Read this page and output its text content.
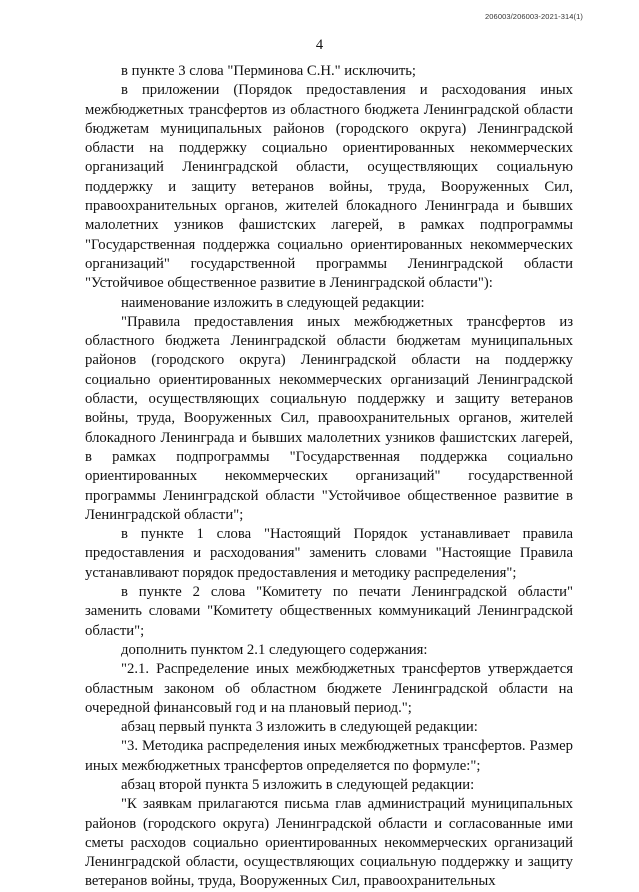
206003/206003-2021-314(1)
4

в пункте 3 слова "Перминова С.Н." исключить;

в приложении (Порядок предоставления и расходования иных межбюджетных трансфертов из областного бюджета Ленинградской области бюджетам муниципальных районов (городского округа) Ленинградской области на поддержку социально ориентированных некоммерческих организаций Ленинградской области, осуществляющих социальную поддержку и защиту ветеранов войны, труда, Вооруженных Сил, правоохранительных органов, жителей блокадного Ленинграда и бывших малолетних узников фашистских лагерей, в рамках подпрограммы "Государственная поддержка социально ориентированных некоммерческих организаций" государственной программы Ленинградской области "Устойчивое общественное развитие в Ленинградской области"):

наименование изложить в следующей редакции:

"Правила предоставления иных межбюджетных трансфертов из областного бюджета Ленинградской области бюджетам муниципальных районов (городского округа) Ленинградской области на поддержку социально ориентированных некоммерческих организаций Ленинградской области, осуществляющих социальную поддержку и защиту ветеранов войны, труда, Вооруженных Сил, правоохранительных органов, жителей блокадного Ленинграда и бывших малолетних узников фашистских лагерей, в рамках подпрограммы "Государственная поддержка социально ориентированных некоммерческих организаций" государственной программы Ленинградской области "Устойчивое общественное развитие в Ленинградской области";

в пункте 1 слова "Настоящий Порядок устанавливает правила предоставления и расходования" заменить словами "Настоящие Правила устанавливают порядок предоставления и методику распределения";

в пункте 2 слова "Комитету по печати Ленинградской области" заменить словами "Комитету общественных коммуникаций Ленинградской области";

дополнить пунктом 2.1 следующего содержания:

"2.1. Распределение иных межбюджетных трансфертов утверждается областным законом об областном бюджете Ленинградской области на очередной финансовый год и на плановый период.";

абзац первый пункта 3 изложить в следующей редакции:

"3. Методика распределения иных межбюджетных трансфертов. Размер иных межбюджетных трансфертов определяется по формуле:";

абзац второй пункта 5 изложить в следующей редакции:

"К заявкам прилагаются письма глав администраций муниципальных районов (городского округа) Ленинградской области и согласованные ими сметы расходов социально ориентированных некоммерческих организаций Ленинградской области, осуществляющих социальную поддержку и защиту ветеранов войны, труда, Вооруженных Сил, правоохранительных
